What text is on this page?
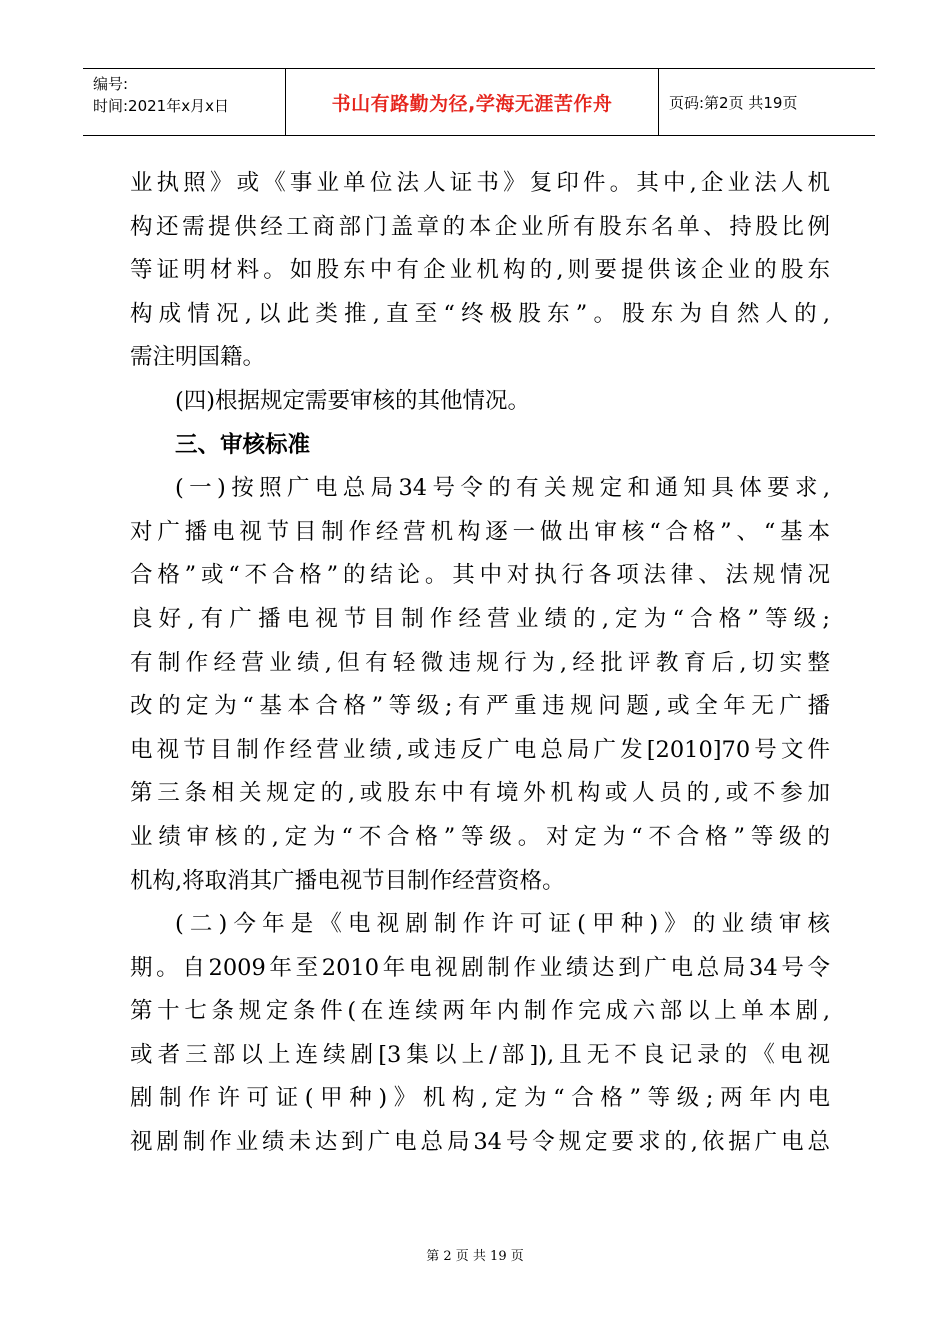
编号:
时间:2021年x月x日	书山有路勤为径,学海无涯苦作舟	页码:第2页 共19页
业执照》或《事业单位法人证书》复印件。其中,企业法人机
构还需提供经工商部门盖章的本企业所有股东名单、持股比例
等证明材料。如股东中有企业机构的,则要提供该企业的股东
构成情况,以此类推,直至“终极股东”。股东为自然人的,
需注明国籍。
(四)根据规定需要审核的其他情况。
三、审核标准
(一)按照广电总局34号令的有关规定和通知具体要求,
对广播电视节目制作经营机构逐一做出审核“合格”、“基本
合格”或“不合格”的结论。其中对执行各项法律、法规情况
良好,有广播电视节目制作经营业绩的,定为“合格”等级;
有制作经营业绩,但有轻微违规行为,经批评教育后,切实整
改的定为“基本合格”等级;有严重违规问题,或全年无广播
电视节目制作经营业绩,或违反广电总局广发[2010]70号文件
第三条相关规定的,或股东中有境外机构或人员的,或不参加
业绩审核的,定为“不合格”等级。对定为“不合格”等级的
机构,将取消其广播电视节目制作经营资格。
(二)今年是《电视剧制作许可证(甲种)》的业绩审核
期。自2009年至2010年电视剧制作业绩达到广电总局34号令
第十七条规定条件(在连续两年内制作完成六部以上单本剧,
或者三部以上连续剧[3集以上/部]),且无不良记录的《电视
剧制作许可证(甲种)》机构,定为“合格”等级;两年内电
视剧制作业绩未达到广电总局34号令规定要求的,依据广电总
第 2 页 共 19 页
